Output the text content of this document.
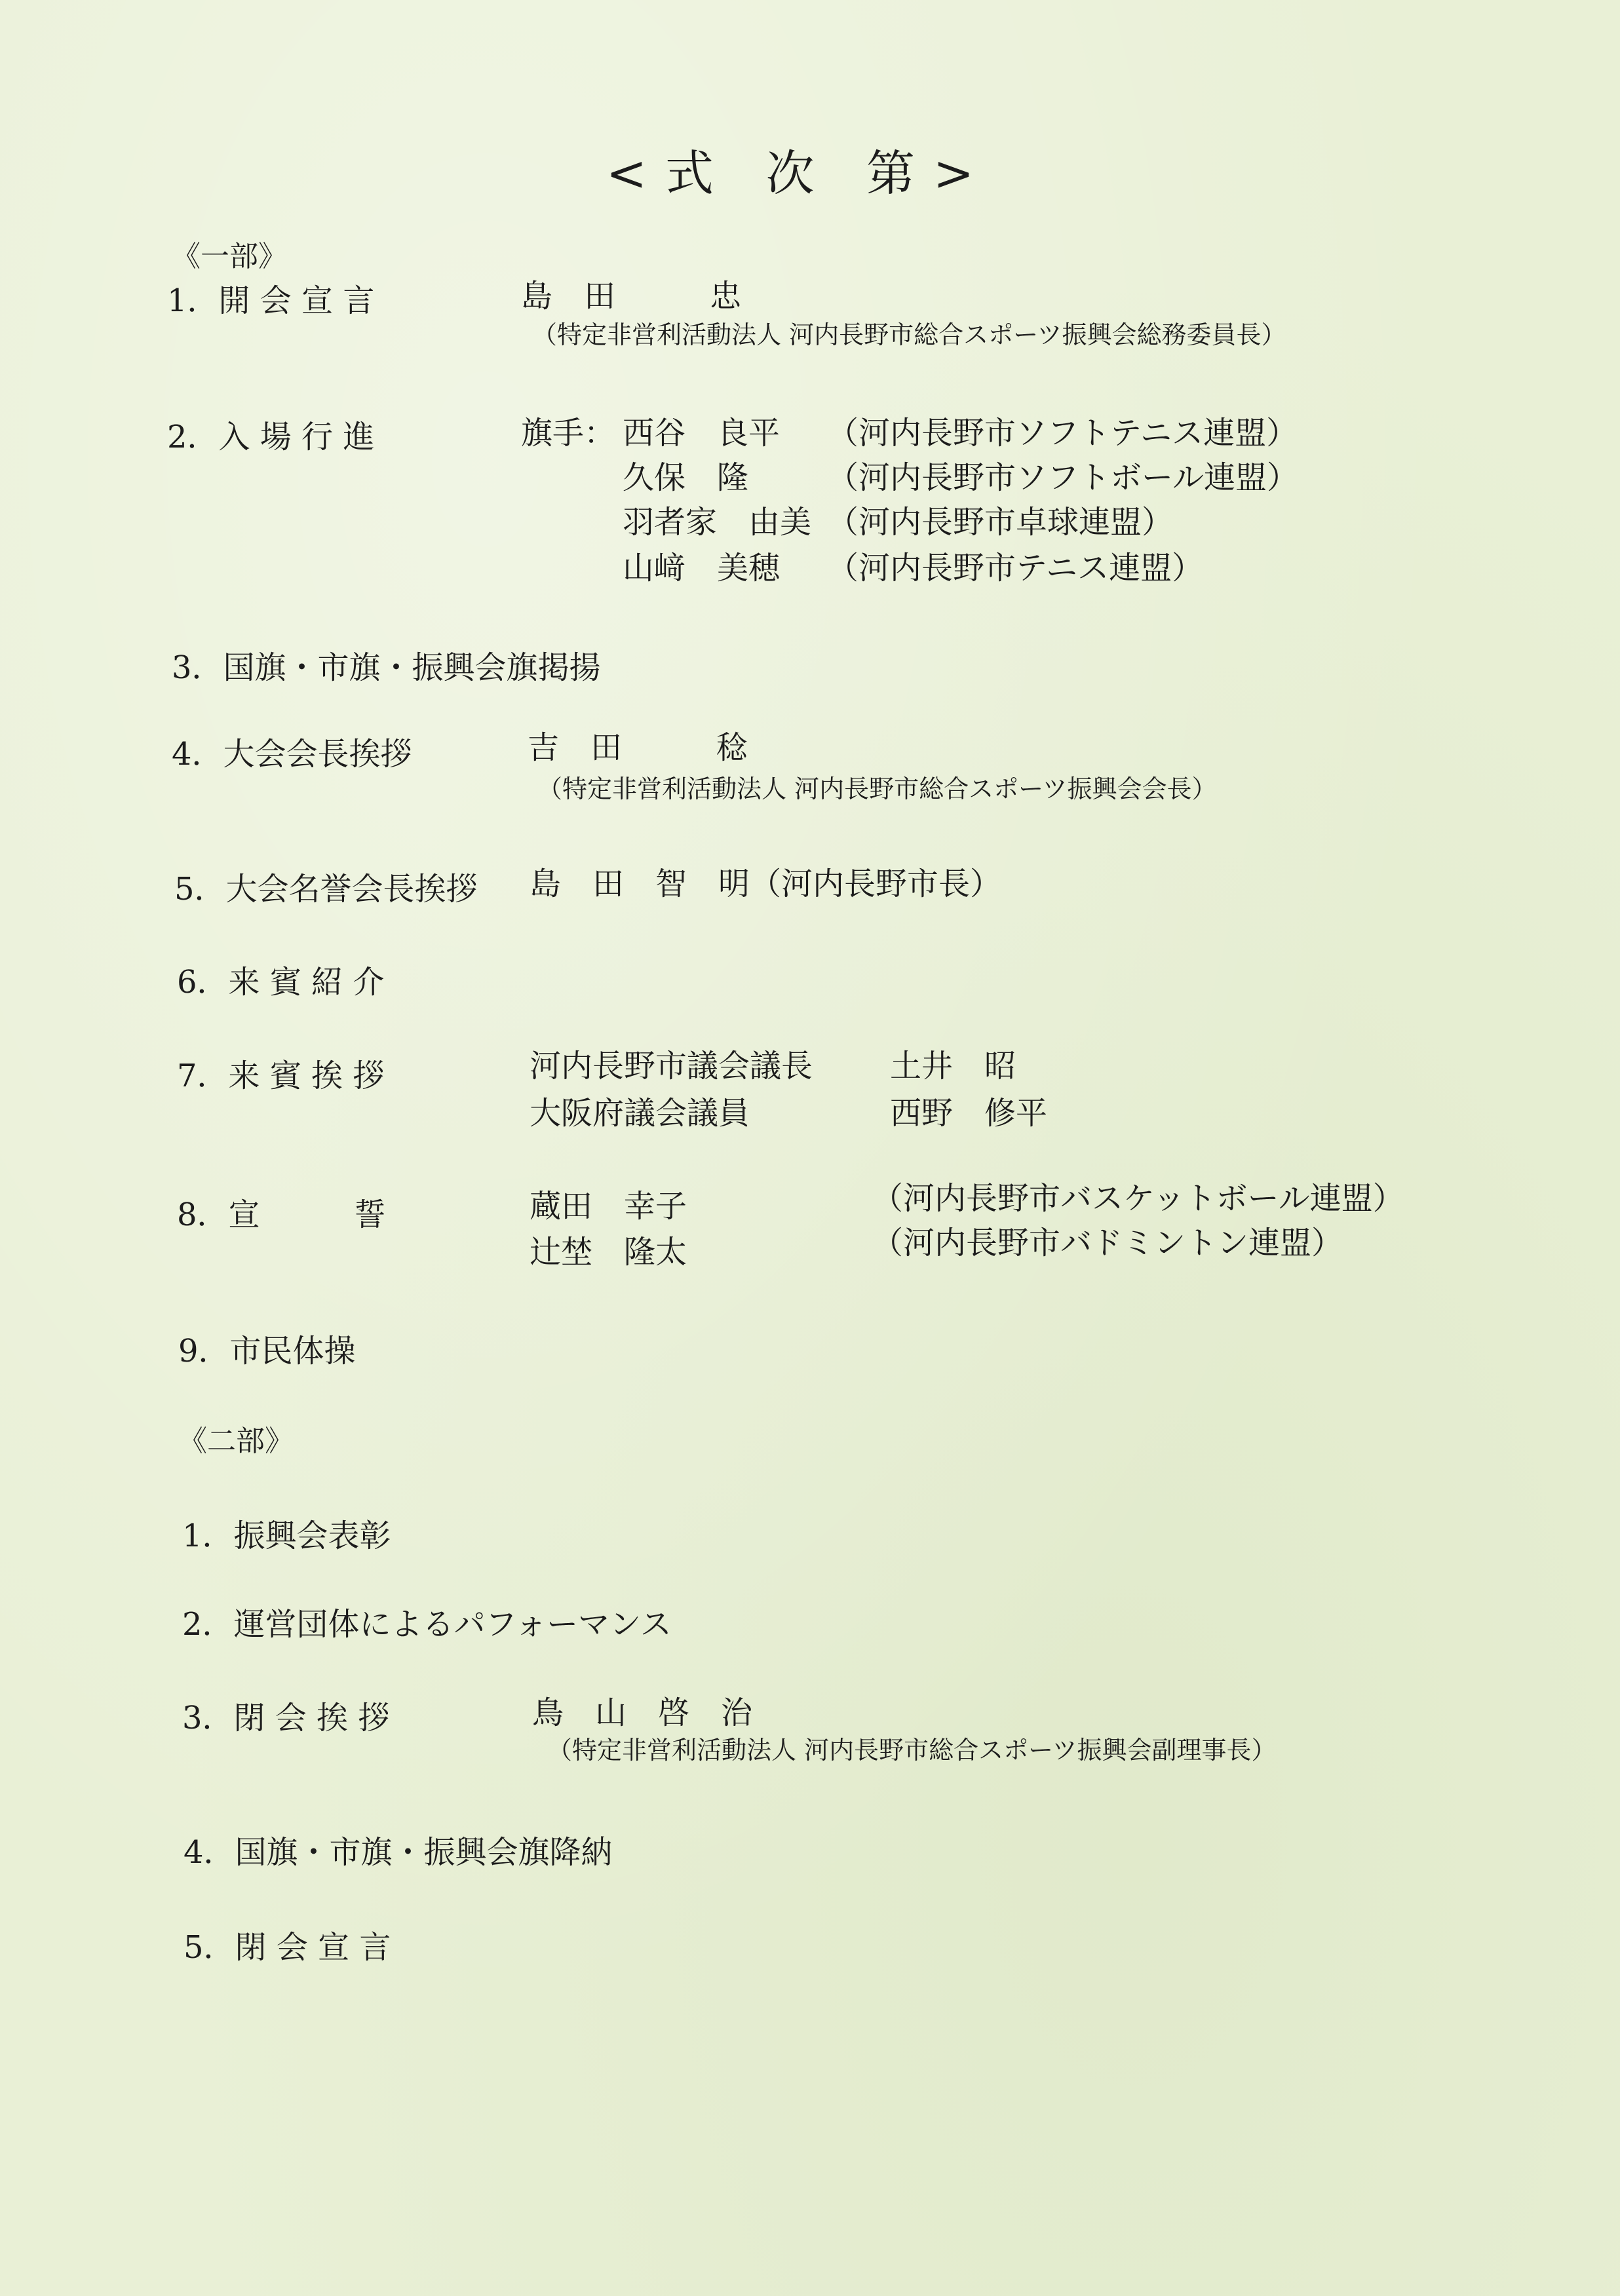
<式 次 第>
《一部》
1．開 会 宣 言	島　田　　　忠
（特定非営利活動法人 河内長野市総合スポーツ振興会総務委員長）
2．入 場 行 進	旗手： 西谷　良平 （河内長野市ソフトテニス連盟）
久保　隆 （河内長野市ソフトボール連盟）
羽者家　由美 （河内長野市卓球連盟）
山﨑　美穂 （河内長野市テニス連盟）
3．国旗・市旗・振興会旗掲揚
4．大会会長挨拶	吉　田　　　稔
（特定非営利活動法人 河内長野市総合スポーツ振興会会長）
5．大会名誉会長挨拶 島　田　智　明（河内長野市長）
6．来 賓 紹 介
7．来 賓 挨 拶	河内長野市議会議長 土井　昭
大阪府議会議員	西野　修平
8．宣　　　誓	蔵田　幸子	（河内長野市バスケットボール連盟）
辻埜　隆太	（河内長野市バドミントン連盟）
9．市民体操
《二部》
1．振興会表彰
2．運営団体によるパフォーマンス
3．閉 会 挨 拶	鳥　山　啓　治
（特定非営利活動法人 河内長野市総合スポーツ振興会副理事長）
4．国旗・市旗・振興会旗降納
5．閉 会 宣 言
